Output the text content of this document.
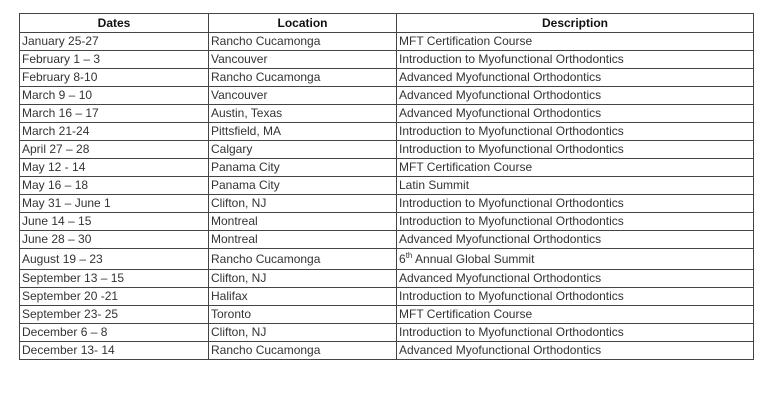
Dates	Location	Description
January 25-27	Rancho Cucamonga	MFT Certification Course
February 1 – 3	Vancouver	Introduction to Myofunctional Orthodontics
February 8-10	Rancho Cucamonga	Advanced Myofunctional Orthodontics
March 9 – 10	Vancouver	Advanced Myofunctional Orthodontics
March 16 – 17	Austin, Texas	Advanced Myofunctional Orthodontics
March 21-24	Pittsfield, MA	Introduction to Myofunctional Orthodontics
April 27 – 28	Calgary	Introduction to Myofunctional Orthodontics
May 12 - 14	Panama City	MFT Certification Course
May 16 – 18	Panama City	Latin Summit
May 31 – June 1	Clifton, NJ	Introduction to Myofunctional Orthodontics
June 14 – 15	Montreal	Introduction to Myofunctional Orthodontics
June 28 – 30	Montreal	Advanced Myofunctional Orthodontics
August 19 – 23	Rancho Cucamonga	6th Annual Global Summit
September 13 – 15	Clifton, NJ	Advanced Myofunctional Orthodontics
September 20 -21	Halifax	Introduction to Myofunctional Orthodontics
September 23- 25	Toronto	MFT Certification Course
December 6 – 8	Clifton, NJ	Introduction to Myofunctional Orthodontics
December 13- 14	Rancho Cucamonga	Advanced Myofunctional Orthodontics
